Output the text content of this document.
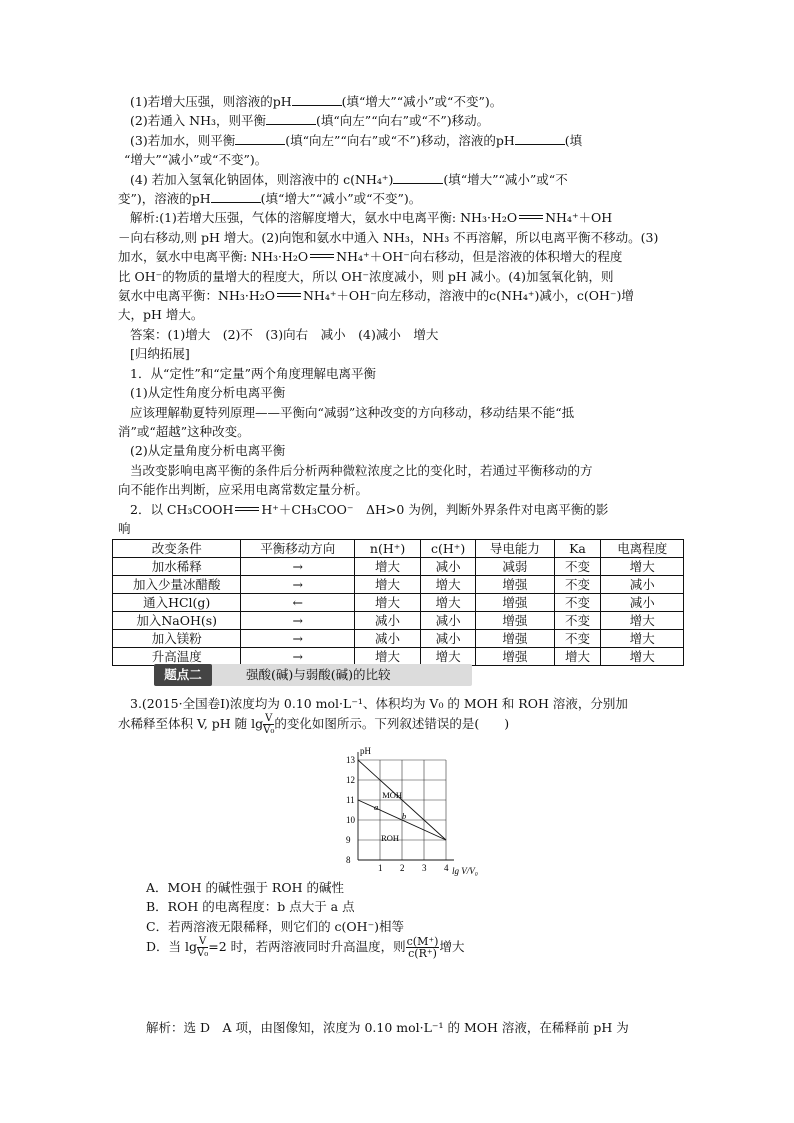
(1)若增大压强，则溶液的pH	(填“增大”“减小”或“不变”)。

(2)若通入 NH₃，则平衡	(填“向左”“向右”或“不”)移动。

(3)若加水，则平衡	(填“向左”“向右”或“不”)移动，溶液的pH	(填

“增大”“减小”或“不变”)。

(4) 若加入氢氧化钠固体，则溶液中的 c(NH₄⁺)	(填“增大”“减小”或“不

变”)，溶液的pH	(填“增大”“减小”或“不变”)。

解析:(1)若增大压强，气体的溶解度增大，氨水中电离平衡: NH₃·H₂O NH₄⁺＋OH

－向右移动,则 pH 增大。(2)向饱和氨水中通入 NH₃，NH₃ 不再溶解，所以电离平衡不移动。(3)

加水，氨水中电离平衡: NH₃·H₂O NH₄⁺＋OH⁻向右移动，但是溶液的体积增大的程度

比 OH⁻的物质的量增大的程度大，所以 OH⁻浓度减小，则 pH 减小。(4)加氢氧化钠，则

氨水中电离平衡：NH₃·H₂O NH₄⁺＋OH⁻向左移动，溶液中的c(NH₄⁺)减小，c(OH⁻)增

大，pH 增大。

答案：(1)增大　(2)不　(3)向右　减小　(4)减小　增大

[归纳拓展]

1．从“定性”和“定量”两个角度理解电离平衡

(1)从定性角度分析电离平衡

应该理解勒夏特列原理——平衡向“减弱”这种改变的方向移动，移动结果不能“抵

消”或“超越”这种改变。

(2)从定量角度分析电离平衡

当改变影响电离平衡的条件后分析两种微粒浓度之比的变化时，若通过平衡移动的方

向不能作出判断，应采用电离常数定量分析。

2．以 CH₃COOH H⁺＋CH₃COO⁻　ΔH>0 为例，判断外界条件对电离平衡的影

响

改变条件	平衡移动方向	n(H⁺)	c(H⁺)	导电能力	Ka	电离程度
加水稀释	→	增大	减小	减弱	不变	增大
加入少量冰醋酸	→	增大	增大	增强	不变	减小
通入HCl(g)	←	增大	增大	增强	不变	减小
加入NaOH(s)	→	减小	减小	增强	不变	增大
加入镁粉	→	减小	减小	增强	不变	增大
升高温度	→	增大	增大	增强	增大	增大
题点二	强酸(碱)与弱酸(碱)的比较

3.(2015·全国卷Ⅰ)浓度均为 0.10 mol·L⁻¹、体积均为 V₀ 的 MOH 和 ROH 溶液，分别加

水稀释至体积 V, pH 随 $\lg \frac{V}{\text{V₀}}$ 的变化如图所示。下列叙述错误的是(　　)

8
9
10
11
12
13
1 2 3 4
MOH
ROH
a
b
pH
lg V/V₀

A．MOH 的碱性强于 ROH 的碱性

B．ROH 的电离程度：b 点大于 a 点

C．若两溶液无限稀释，则它们的 c(OH⁻)相等

D．当 $\lg \frac{V}{\text{V₀}} =2$ 时，若两溶液同时升高温度，则 $\frac{c(M^+)}{c(R^+)}$ 增大

解析：选 D　A 项，由图像知，浓度为 0.10 mol·L⁻¹ 的 MOH 溶液，在稀释前 pH 为
